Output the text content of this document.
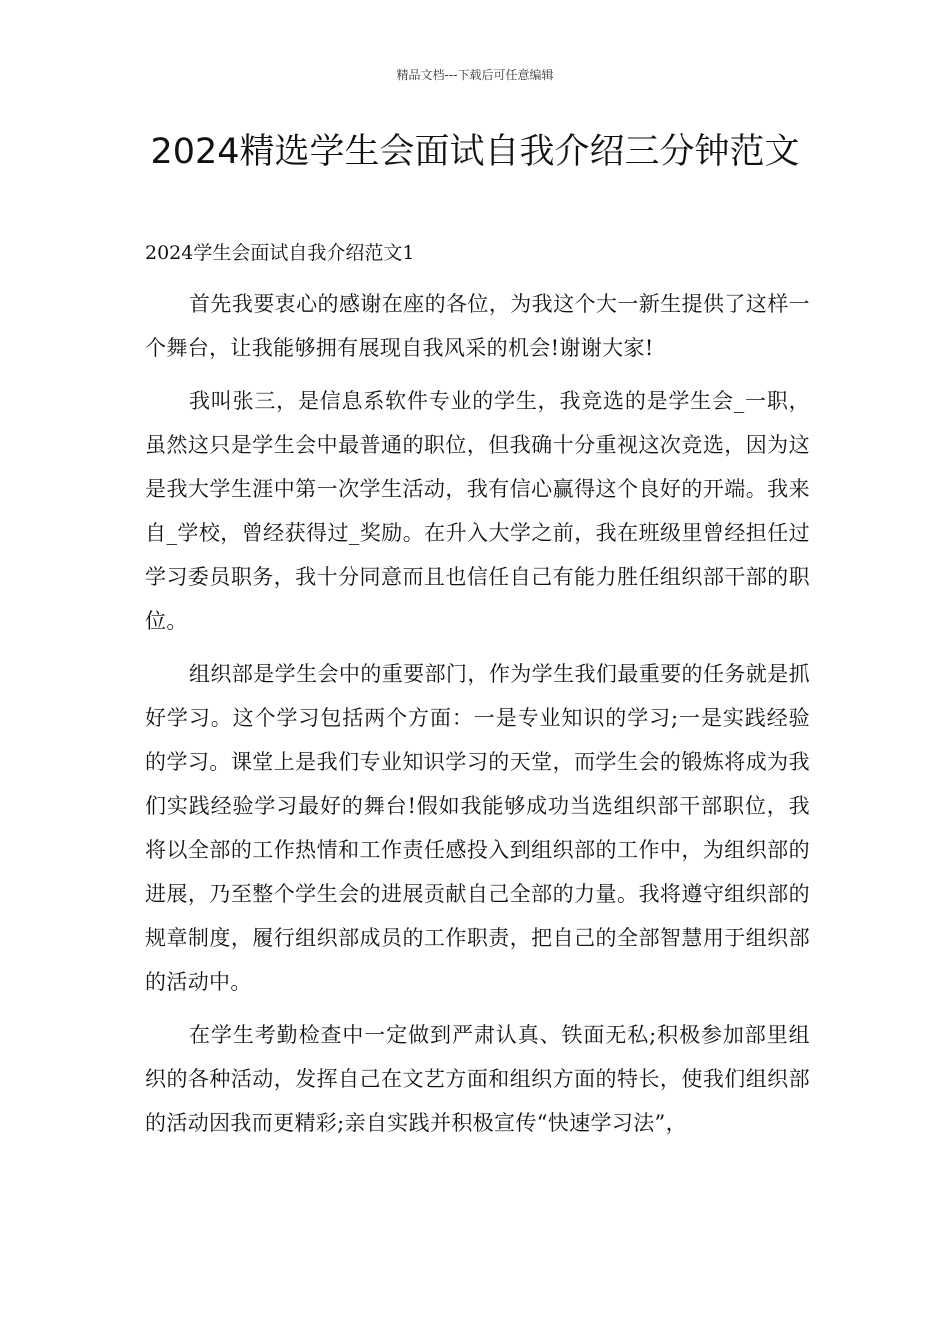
精品文档---下载后可任意编辑
2024精选学生会面试自我介绍三分钟范文
2024学生会面试自我介绍范文1

首先我要衷心的感谢在座的各位，为我这个大一新生提供了这样一个舞台，让我能够拥有展现自我风采的机会!谢谢大家!

我叫张三，是信息系软件专业的学生，我竞选的是学生会_一职，虽然这只是学生会中最普通的职位，但我确十分重视这次竞选，因为这是我大学生涯中第一次学生活动，我有信心赢得这个良好的开端。我来自_学校，曾经获得过_奖励。在升入大学之前，我在班级里曾经担任过学习委员职务，我十分同意而且也信任自己有能力胜任组织部干部的职位。

组织部是学生会中的重要部门，作为学生我们最重要的任务就是抓好学习。这个学习包括两个方面：一是专业知识的学习;一是实践经验的学习。课堂上是我们专业知识学习的天堂，而学生会的锻炼将成为我们实践经验学习最好的舞台!假如我能够成功当选组织部干部职位，我将以全部的工作热情和工作责任感投入到组织部的工作中，为组织部的进展，乃至整个学生会的进展贡献自己全部的力量。我将遵守组织部的规章制度，履行组织部成员的工作职责，把自己的全部智慧用于组织部的活动中。

在学生考勤检查中一定做到严肃认真、铁面无私;积极参加部里组织的各种活动，发挥自己在文艺方面和组织方面的特长，使我们组织部的活动因我而更精彩;亲自实践并积极宣传“快速学习法”，
